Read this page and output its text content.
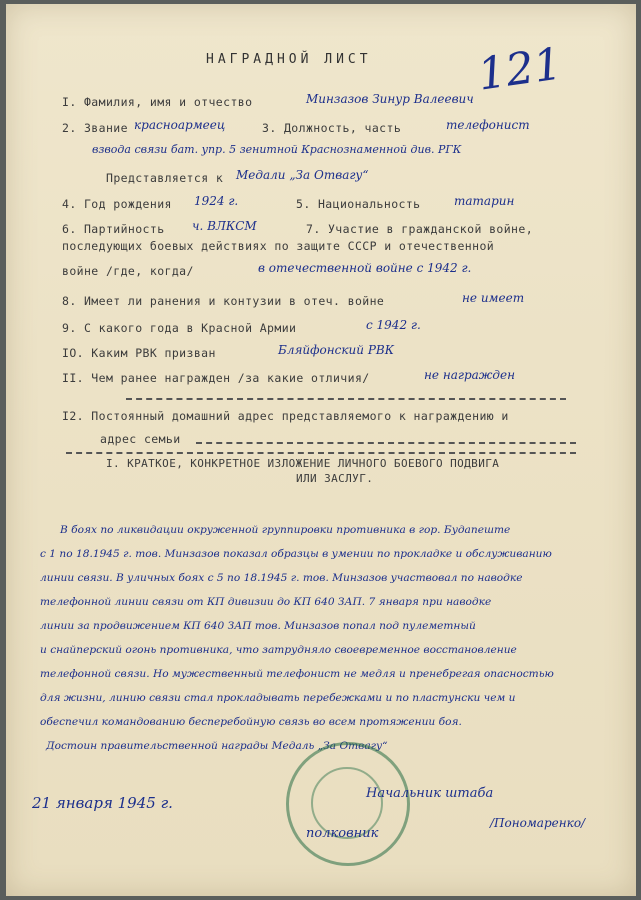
НАГРАДНОЙ ЛИСТ 121
I. Фамилия, имя и отчество	Минзазов Зинур Валеевич
2. Звание красноармеец	3. Должность, часть	телефонист
взвода связи бат. упр. 5 зенитной Краснознаменной див. РГК
Представляется к Медали „За Отвагу“
4. Год рождения 1924 г.	5. Национальность	татарин
6. Партийность ч. ВЛКСМ	7. Участие в гражданской войне,
последующих боевых действиях по защите СССР и отечественной
войне /где, когда/	в отечественной войне с 1942 г.
8. Имеет ли ранения и контузии в отеч. войне	не имеет
9. С какого года в Красной Армии	с 1942 г.
IO. Каким РВК призван	Бляйфонский РВК
II. Чем ранее награжден /за какие отличия/	не награжден
I2. Постоянный домашний адрес представляемого к награждению и
адрес семьи
I. КРАТКОЕ, КОНКРЕТНОЕ ИЗЛОЖЕНИЕ ЛИЧНОГО БОЕВОГО ПОДВИГА
ИЛИ ЗАСЛУГ.
В боях по ликвидации окруженной группировки противника в гор. Будапеште
с 1 по 18.1945 г. тов. Минзазов показал образцы в умении по прокладке и обслуживанию
линии связи. В уличных боях с 5 по 18.1945 г. тов. Минзазов участвовал по наводке
телефонной линии связи от КП дивизии до КП 640 ЗАП. 7 января при наводке
линии за продвижением КП 640 ЗАП тов. Минзазов попал под пулеметный
и снайперский огонь противника, что затрудняло своевременное восстановление
телефонной связи. Но мужественный телефонист не медля и пренебрегая опасностью
для жизни, линию связи стал прокладывать перебежками и по пластунски чем и
обеспечил командованию бесперебойную связь во всем протяжении боя.
Достоин правительственной награды Медаль „За Отвагу“
21 января 1945 г.
Начальник штаба
полковник
/Пономаренко/
